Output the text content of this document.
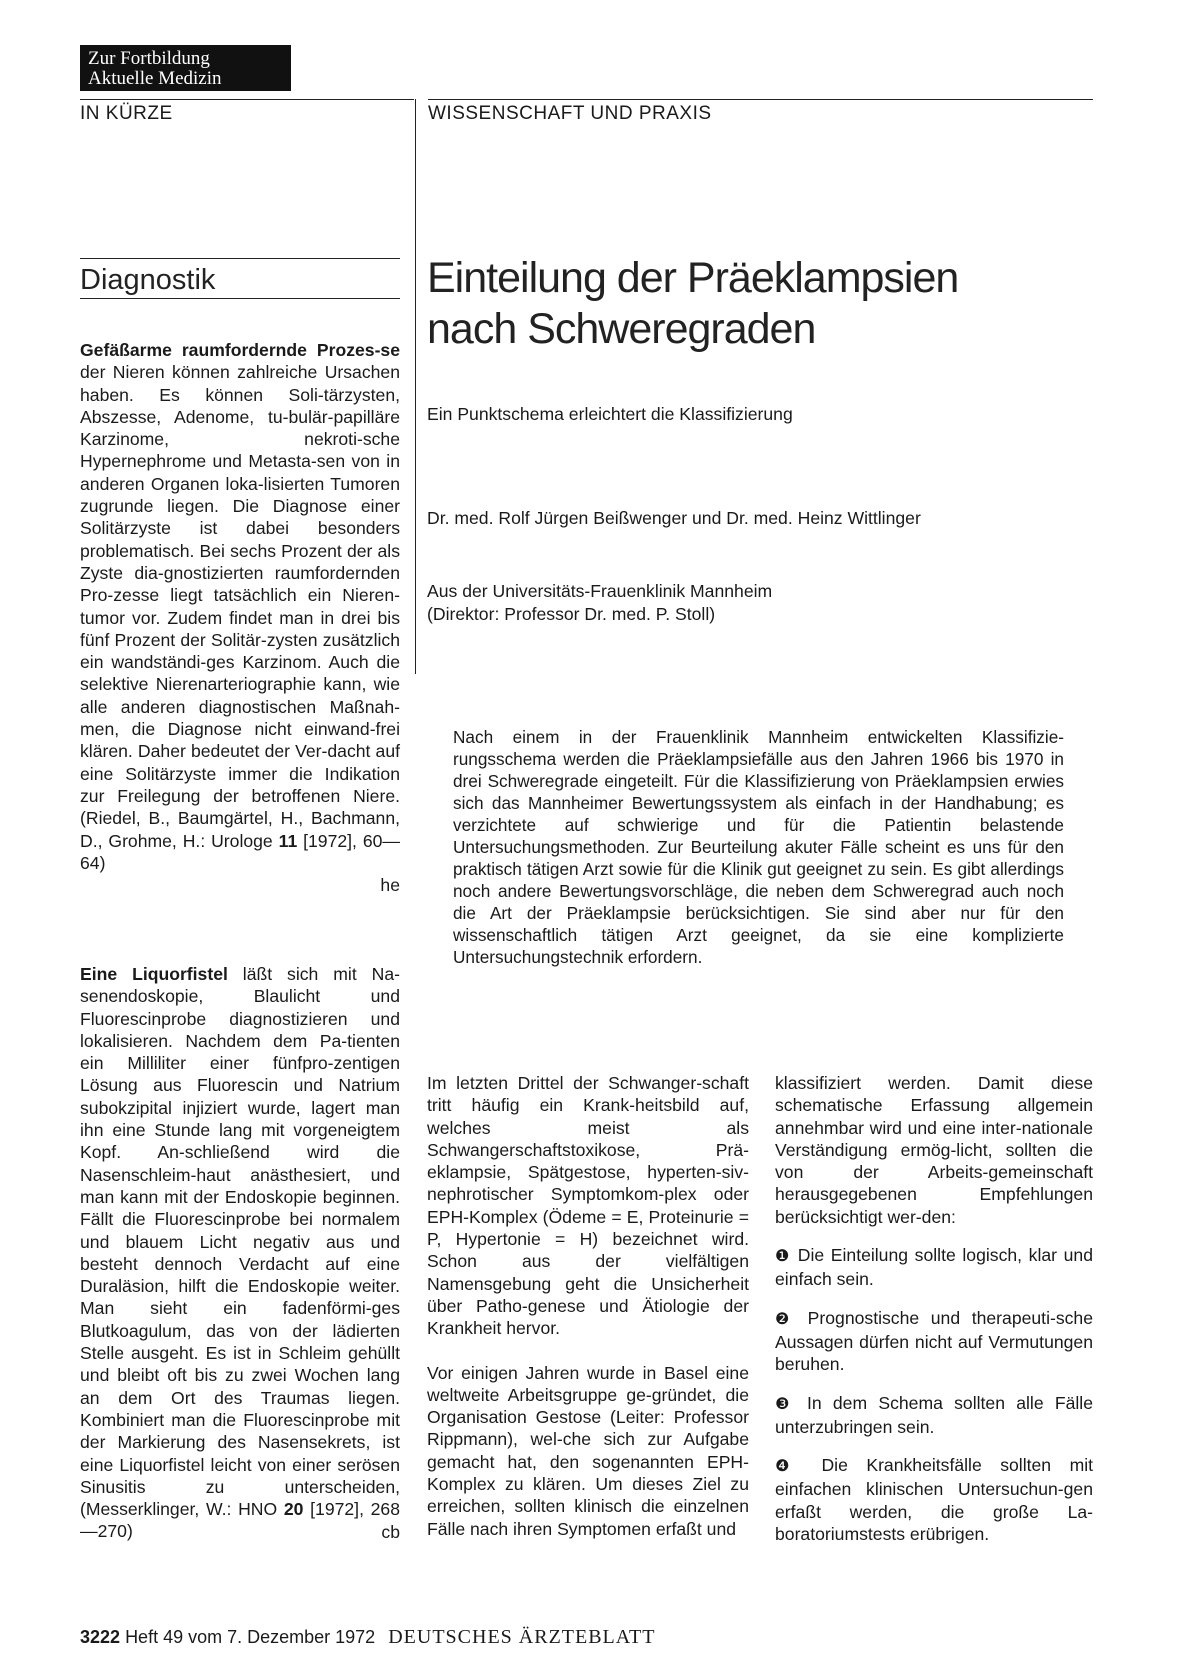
Zur Fortbildung
Aktuelle Medizin
IN KÜRZE	WISSENSCHAFT UND PRAXIS
Diagnostik

Gefäßarme raumfordernde Prozes-se der Nieren können zahlreiche Ursachen haben. Es können Soli-tärzysten, Abszesse, Adenome, tu-bulär-papilläre Karzinome, nekroti-sche Hypernephrome und Metasta-sen von in anderen Organen loka-lisierten Tumoren zugrunde liegen. Die Diagnose einer Solitärzyste ist dabei besonders problematisch. Bei sechs Prozent der als Zyste dia-gnostizierten raumfordernden Pro-zesse liegt tatsächlich ein Nieren-tumor vor. Zudem findet man in drei bis fünf Prozent der Solitär-zysten zusätzlich ein wandständi-ges Karzinom. Auch die selektive Nierenarteriographie kann, wie alle anderen diagnostischen Maßnah-men, die Diagnose nicht einwand-frei klären. Daher bedeutet der Ver-dacht auf eine Solitärzyste immer die Indikation zur Freilegung der betroffenen Niere. (Riedel, B., Baumgärtel, H., Bachmann, D., Grohme, H.: Urologe 11 [1972], 60—64)

he

Eine Liquorfistel läßt sich mit Na-senendoskopie, Blaulicht und Fluorescinprobe diagnostizieren und lokalisieren. Nachdem dem Pa-tienten ein Milliliter einer fünfpro-zentigen Lösung aus Fluorescin und Natrium subokzipital injiziert wurde, lagert man ihn eine Stunde lang mit vorgeneigtem Kopf. An-schließend wird die Nasenschleim-haut anästhesiert, und man kann mit der Endoskopie beginnen. Fällt die Fluorescinprobe bei normalem und blauem Licht negativ aus und besteht dennoch Verdacht auf eine Duraläsion, hilft die Endoskopie weiter. Man sieht ein fadenförmi-ges Blutkoagulum, das von der lädierten Stelle ausgeht. Es ist in Schleim gehüllt und bleibt oft bis zu zwei Wochen lang an dem Ort des Traumas liegen. Kombiniert man die Fluorescinprobe mit der Markierung des Nasensekrets, ist eine Liquorfistel leicht von einer serösen Sinusitis zu unterscheiden, (Messerklinger, W.: HNO 20 [1972], 268—270)	cb
Einteilung der Präeklampsien
nach Schweregraden
Ein Punktschema erleichtert die Klassifizierung
Dr. med. Rolf Jürgen Beißwenger und Dr. med. Heinz Wittlinger
Aus der Universitäts-Frauenklinik Mannheim
(Direktor: Professor Dr. med. P. Stoll)
Nach einem in der Frauenklinik Mannheim entwickelten Klassifizie-rungsschema werden die Präeklampsiefälle aus den Jahren 1966 bis 1970 in drei Schweregrade eingeteilt. Für die Klassifizierung von Präeklampsien erwies sich das Mannheimer Bewertungssystem als einfach in der Handhabung; es verzichtete auf schwierige und für die Patientin belastende Untersuchungsmethoden. Zur Beurteilung akuter Fälle scheint es uns für den praktisch tätigen Arzt sowie für die Klinik gut geeignet zu sein. Es gibt allerdings noch andere Bewertungsvorschläge, die neben dem Schweregrad auch noch die Art der Präeklampsie berücksichtigen. Sie sind aber nur für den wissenschaftlich tätigen Arzt geeignet, da sie eine komplizierte Untersuchungstechnik erfordern.

Im letzten Drittel der Schwanger-schaft tritt häufig ein Krank-heitsbild auf, welches meist als Schwangerschaftstoxikose, Prä-eklampsie, Spätgestose, hyperten-siv-nephrotischer Symptomkom-plex oder EPH-Komplex (Ödeme = E, Proteinurie = P, Hypertonie = H) bezeichnet wird. Schon aus der vielfältigen Namensgebung geht die Unsicherheit über Patho-genese und Ätiologie der Krankheit hervor.

Vor einigen Jahren wurde in Basel eine weltweite Arbeitsgruppe ge-gründet, die Organisation Gestose (Leiter: Professor Rippmann), wel-che sich zur Aufgabe gemacht hat, den sogenannten EPH-Komplex zu klären. Um dieses Ziel zu erreichen, sollten klinisch die einzelnen Fälle nach ihren Symptomen erfaßt und

klassifiziert werden. Damit diese schematische Erfassung allgemein annehmbar wird und eine inter-nationale Verständigung ermög-licht, sollten die von der Arbeits-gemeinschaft herausgegebenen Empfehlungen berücksichtigt wer-den:

❶ Die Einteilung sollte logisch, klar und einfach sein.

❷ Prognostische und therapeuti-sche Aussagen dürfen nicht auf Vermutungen beruhen.

❸ In dem Schema sollten alle Fälle unterzubringen sein.

❹ Die Krankheitsfälle sollten mit einfachen klinischen Untersuchun-gen erfaßt werden, die große La-boratoriumstests erübrigen.

3222 Heft 49 vom 7. Dezember 1972 DEUTSCHES ÄRZTEBLATT
